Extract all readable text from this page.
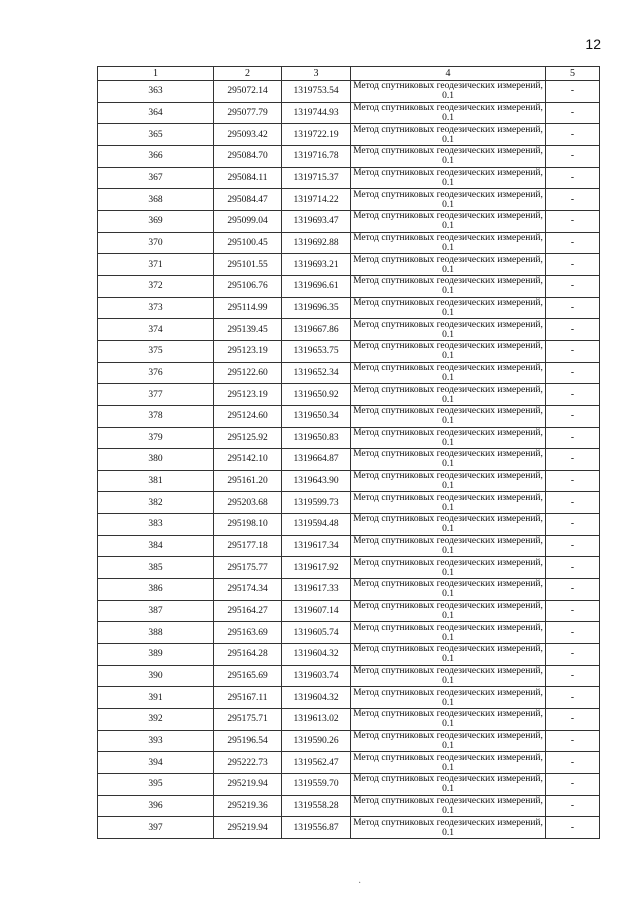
12
1	2	3	4	5
363	295072.14	1319753.54	Метод спутниковых геодезических измерений, 0.1	-
364	295077.79	1319744.93	Метод спутниковых геодезических измерений, 0.1	-
365	295093.42	1319722.19	Метод спутниковых геодезических измерений, 0.1	-
366	295084.70	1319716.78	Метод спутниковых геодезических измерений, 0.1	-
367	295084.11	1319715.37	Метод спутниковых геодезических измерений, 0.1	-
368	295084.47	1319714.22	Метод спутниковых геодезических измерений, 0.1	-
369	295099.04	1319693.47	Метод спутниковых геодезических измерений, 0.1	-
370	295100.45	1319692.88	Метод спутниковых геодезических измерений, 0.1	-
371	295101.55	1319693.21	Метод спутниковых геодезических измерений, 0.1	-
372	295106.76	1319696.61	Метод спутниковых геодезических измерений, 0.1	-
373	295114.99	1319696.35	Метод спутниковых геодезических измерений, 0.1	-
374	295139.45	1319667.86	Метод спутниковых геодезических измерений, 0.1	-
375	295123.19	1319653.75	Метод спутниковых геодезических измерений, 0.1	-
376	295122.60	1319652.34	Метод спутниковых геодезических измерений, 0.1	-
377	295123.19	1319650.92	Метод спутниковых геодезических измерений, 0.1	-
378	295124.60	1319650.34	Метод спутниковых геодезических измерений, 0.1	-
379	295125.92	1319650.83	Метод спутниковых геодезических измерений, 0.1	-
380	295142.10	1319664.87	Метод спутниковых геодезических измерений, 0.1	-
381	295161.20	1319643.90	Метод спутниковых геодезических измерений, 0.1	-
382	295203.68	1319599.73	Метод спутниковых геодезических измерений, 0.1	-
383	295198.10	1319594.48	Метод спутниковых геодезических измерений, 0.1	-
384	295177.18	1319617.34	Метод спутниковых геодезических измерений, 0.1	-
385	295175.77	1319617.92	Метод спутниковых геодезических измерений, 0.1	-
386	295174.34	1319617.33	Метод спутниковых геодезических измерений, 0.1	-
387	295164.27	1319607.14	Метод спутниковых геодезических измерений, 0.1	-
388	295163.69	1319605.74	Метод спутниковых геодезических измерений, 0.1	-
389	295164.28	1319604.32	Метод спутниковых геодезических измерений, 0.1	-
390	295165.69	1319603.74	Метод спутниковых геодезических измерений, 0.1	-
391	295167.11	1319604.32	Метод спутниковых геодезических измерений, 0.1	-
392	295175.71	1319613.02	Метод спутниковых геодезических измерений, 0.1	-
393	295196.54	1319590.26	Метод спутниковых геодезических измерений, 0.1	-
394	295222.73	1319562.47	Метод спутниковых геодезических измерений, 0.1	-
395	295219.94	1319559.70	Метод спутниковых геодезических измерений, 0.1	-
396	295219.36	1319558.28	Метод спутниковых геодезических измерений, 0.1	-
397	295219.94	1319556.87	Метод спутниковых геодезических измерений, 0.1	-
·
